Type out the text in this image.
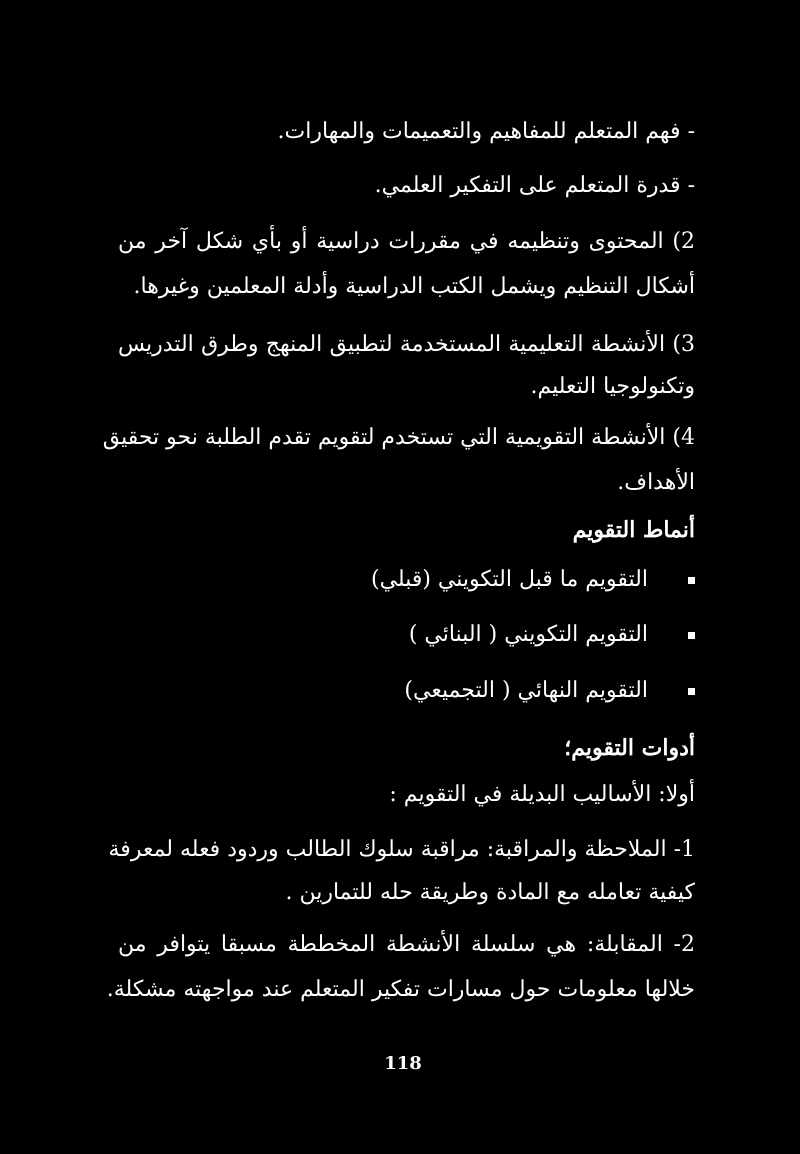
- فهم المتعلم للمفاهيم والتعميمات والمهارات.
- قدرة المتعلم على التفكير العلمي.
2) المحتوى وتنظيمه في مقررات دراسية أو بأي شكل آخر من
أشكال التنظيم ويشمل الكتب الدراسية وأدلة المعلمين وغيرها.
3) الأنشطة التعليمية المستخدمة لتطبيق المنهج وطرق التدريس
وتكنولوجيا التعليم.
4) الأنشطة التقويمية التي تستخدم لتقويم تقدم الطلبة نحو تحقيق
الأهداف.
أنماط التقويم
التقويم ما قبل التكويني (قبلي)
التقويم التكويني ( البنائي )
التقويم النهائي ( التجميعي)
أدوات التقويم؛
أولا: الأساليب البديلة في التقويم :
1- الملاحظة والمراقبة: مراقبة سلوك الطالب وردود فعله لمعرفة
كيفية تعامله مع المادة وطريقة حله للتمارين .
2- المقابلة: هي سلسلة الأنشطة المخططة مسبقا يتوافر من
خلالها معلومات حول مسارات تفكير المتعلم عند مواجهته مشكلة.
118
